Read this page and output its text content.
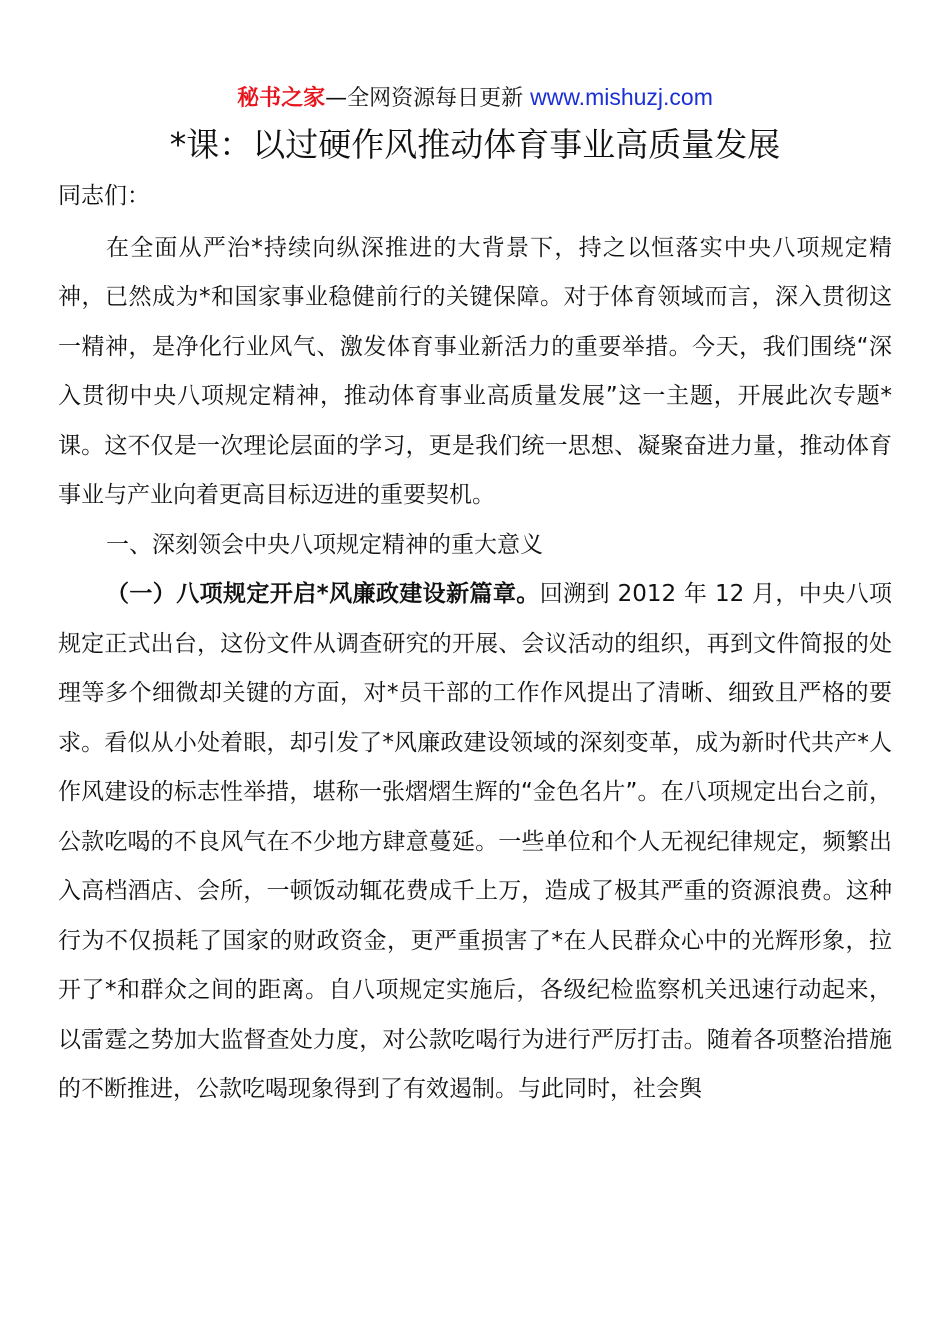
秘书之家—全网资源每日更新 www.mishuzj.com
*课：以过硬作风推动体育事业高质量发展

同志们：

在全面从严治*持续向纵深推进的大背景下，持之以恒落实中央八项规定精神，已然成为*和国家事业稳健前行的关键保障。对于体育领域而言，深入贯彻这一精神，是净化行业风气、激发体育事业新活力的重要举措。今天，我们围绕“深入贯彻中央八项规定精神，推动体育事业高质量发展”这一主题，开展此次专题*课。这不仅是一次理论层面的学习，更是我们统一思想、凝聚奋进力量，推动体育事业与产业向着更高目标迈进的重要契机。

一、深刻领会中央八项规定精神的重大意义

（一）八项规定开启*风廉政建设新篇章。回溯到 2012 年 12 月，中央八项规定正式出台，这份文件从调查研究的开展、会议活动的组织，再到文件简报的处理等多个细微却关键的方面，对*员干部的工作作风提出了清晰、细致且严格的要求。看似从小处着眼，却引发了*风廉政建设领域的深刻变革，成为新时代共产*人作风建设的标志性举措，堪称一张熠熠生辉的“金色名片”。在八项规定出台之前，公款吃喝的不良风气在不少地方肆意蔓延。一些单位和个人无视纪律规定，频繁出入高档酒店、会所，一顿饭动辄花费成千上万，造成了极其严重的资源浪费。这种行为不仅损耗了国家的财政资金，更严重损害了*在人民群众心中的光辉形象，拉开了*和群众之间的距离。自八项规定实施后，各级纪检监察机关迅速行动起来，以雷霆之势加大监督查处力度，对公款吃喝行为进行严厉打击。随着各项整治措施的不断推进，公款吃喝现象得到了有效遏制。与此同时，社会舆
